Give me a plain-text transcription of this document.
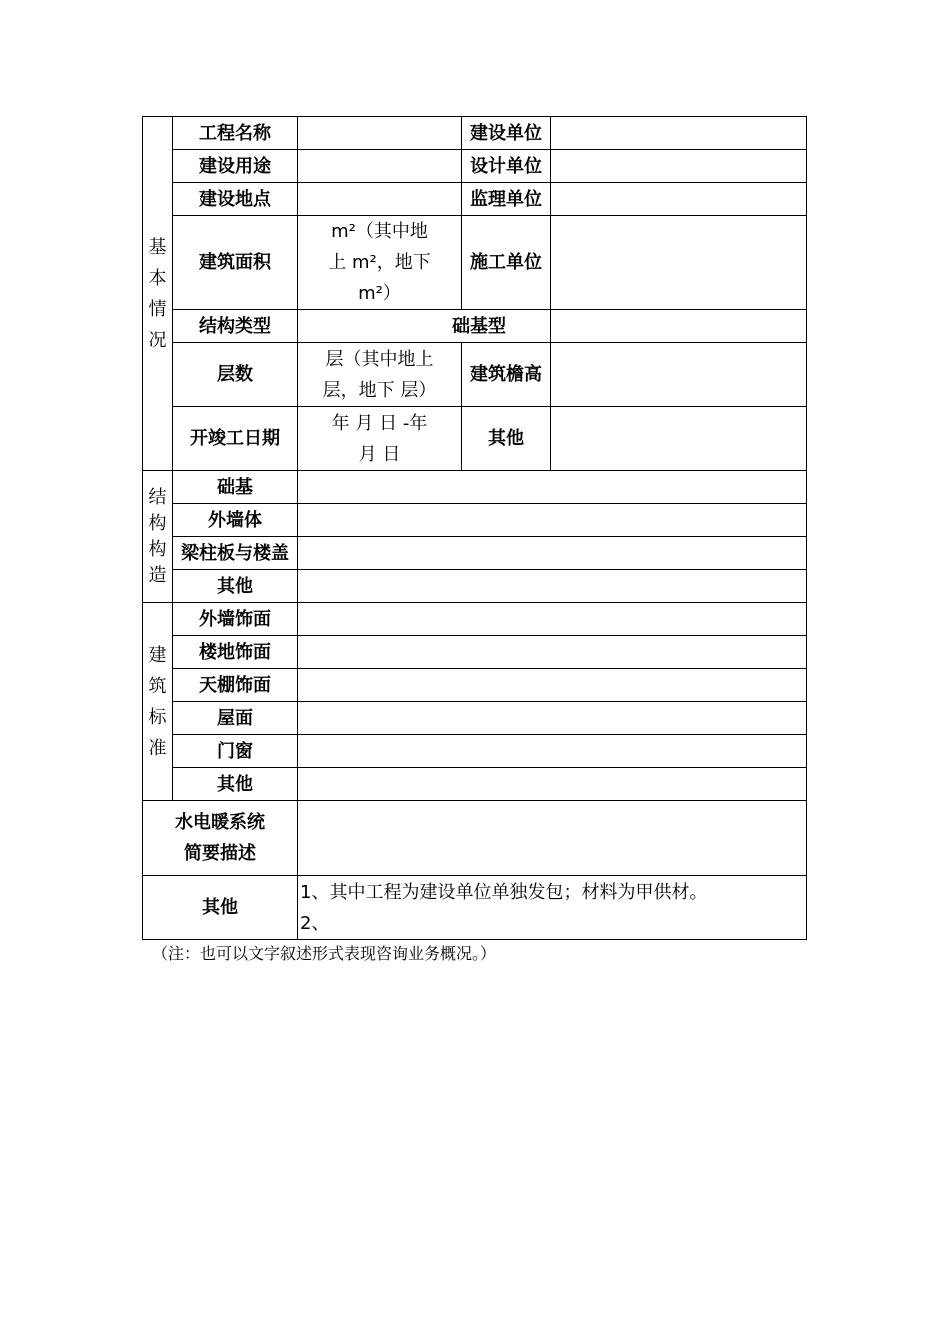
基本情况	工程名称		建设单位	
	建设用途		设计单位	
	建设地点		监理单位	
	建筑面积	m²（其中地
上 m²，地下
m²）	施工单位	
	结构类型	础基型		
	层数	层（其中地上
层，地下 层）	建筑檐高	
	开竣工日期	年 月 日 -年
月 日	其他	

结构构造	础基			
	外墙体			
	梁柱板与楼盖			
	其他			

建筑标准	外墙饰面			
	楼地饰面			
	天棚饰面			
	屋面			
	门窗			
	其他			

水电暖系统
简要描述				

其他		1、其中工程为建设单位单独发包；材料为甲供材。
2、		
（注：也可以文字叙述形式表现咨询业务概况。）
